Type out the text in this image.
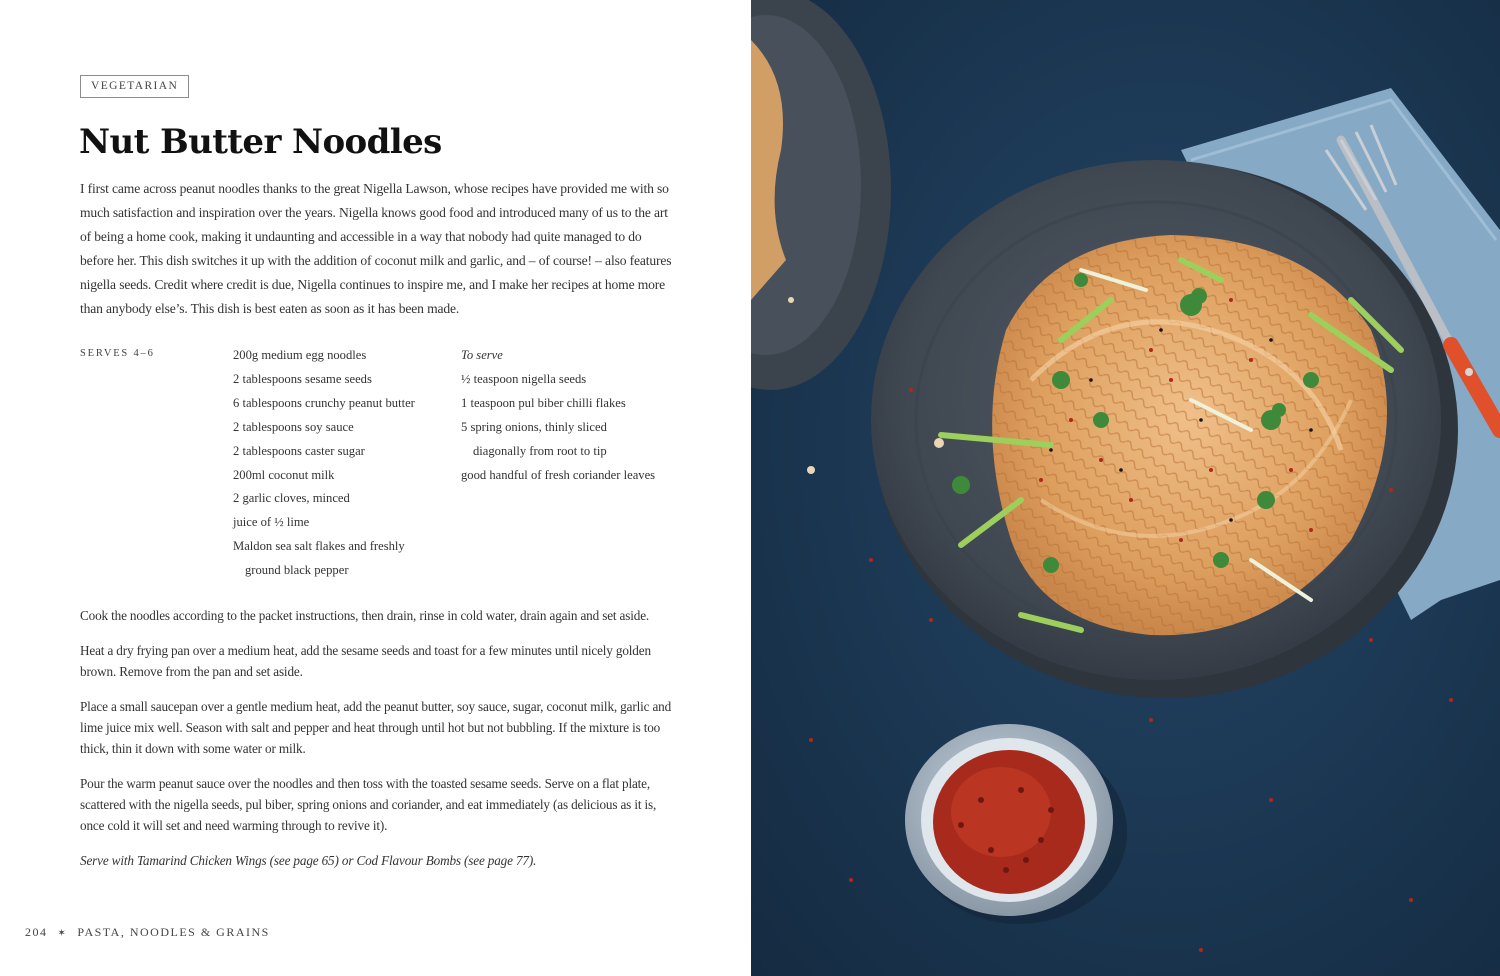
VEGETARIAN
Nut Butter Noodles

I first came across peanut noodles thanks to the great Nigella Lawson, whose recipes have provided me with so much satisfaction and inspiration over the years. Nigella knows good food and introduced many of us to the art of being a home cook, making it undaunting and accessible in a way that nobody had quite managed to do before her. This dish switches it up with the addition of coconut milk and garlic, and – of course! – also features nigella seeds. Credit where credit is due, Nigella continues to inspire me, and I make her recipes at home more than anybody else’s. This dish is best eaten as soon as it has been made.

SERVES 4–6	200g medium egg noodles
2 tablespoons sesame seeds
6 tablespoons crunchy peanut butter
2 tablespoons soy sauce
2 tablespoons caster sugar
200ml coconut milk
2 garlic cloves, minced
juice of ½ lime
Maldon sea salt flakes and freshly
ground black pepper
To serve
½ teaspoon nigella seeds
1 teaspoon pul biber chilli flakes
5 spring onions, thinly sliced
diagonally from root to tip
good handful of fresh coriander leaves

Cook the noodles according to the packet instructions, then drain, rinse in cold water, drain again and set aside.

Heat a dry frying pan over a medium heat, add the sesame seeds and toast for a few minutes until nicely golden brown. Remove from the pan and set aside.

Place a small saucepan over a gentle medium heat, add the peanut butter, soy sauce, sugar, coconut milk, garlic and lime juice mix well. Season with salt and pepper and heat through until hot but not bubbling. If the mixture is too thick, thin it down with some water or milk.

Pour the warm peanut sauce over the noodles and then toss with the toasted sesame seeds. Serve on a flat plate, scattered with the nigella seeds, pul biber, spring onions and coriander, and eat immediately (as delicious as it is, once cold it will set and need warming through to revive it).

Serve with Tamarind Chicken Wings (see page 65) or Cod Flavour Bombs (see page 77).

204 ✶ PASTA, NOODLES & GRAINS
